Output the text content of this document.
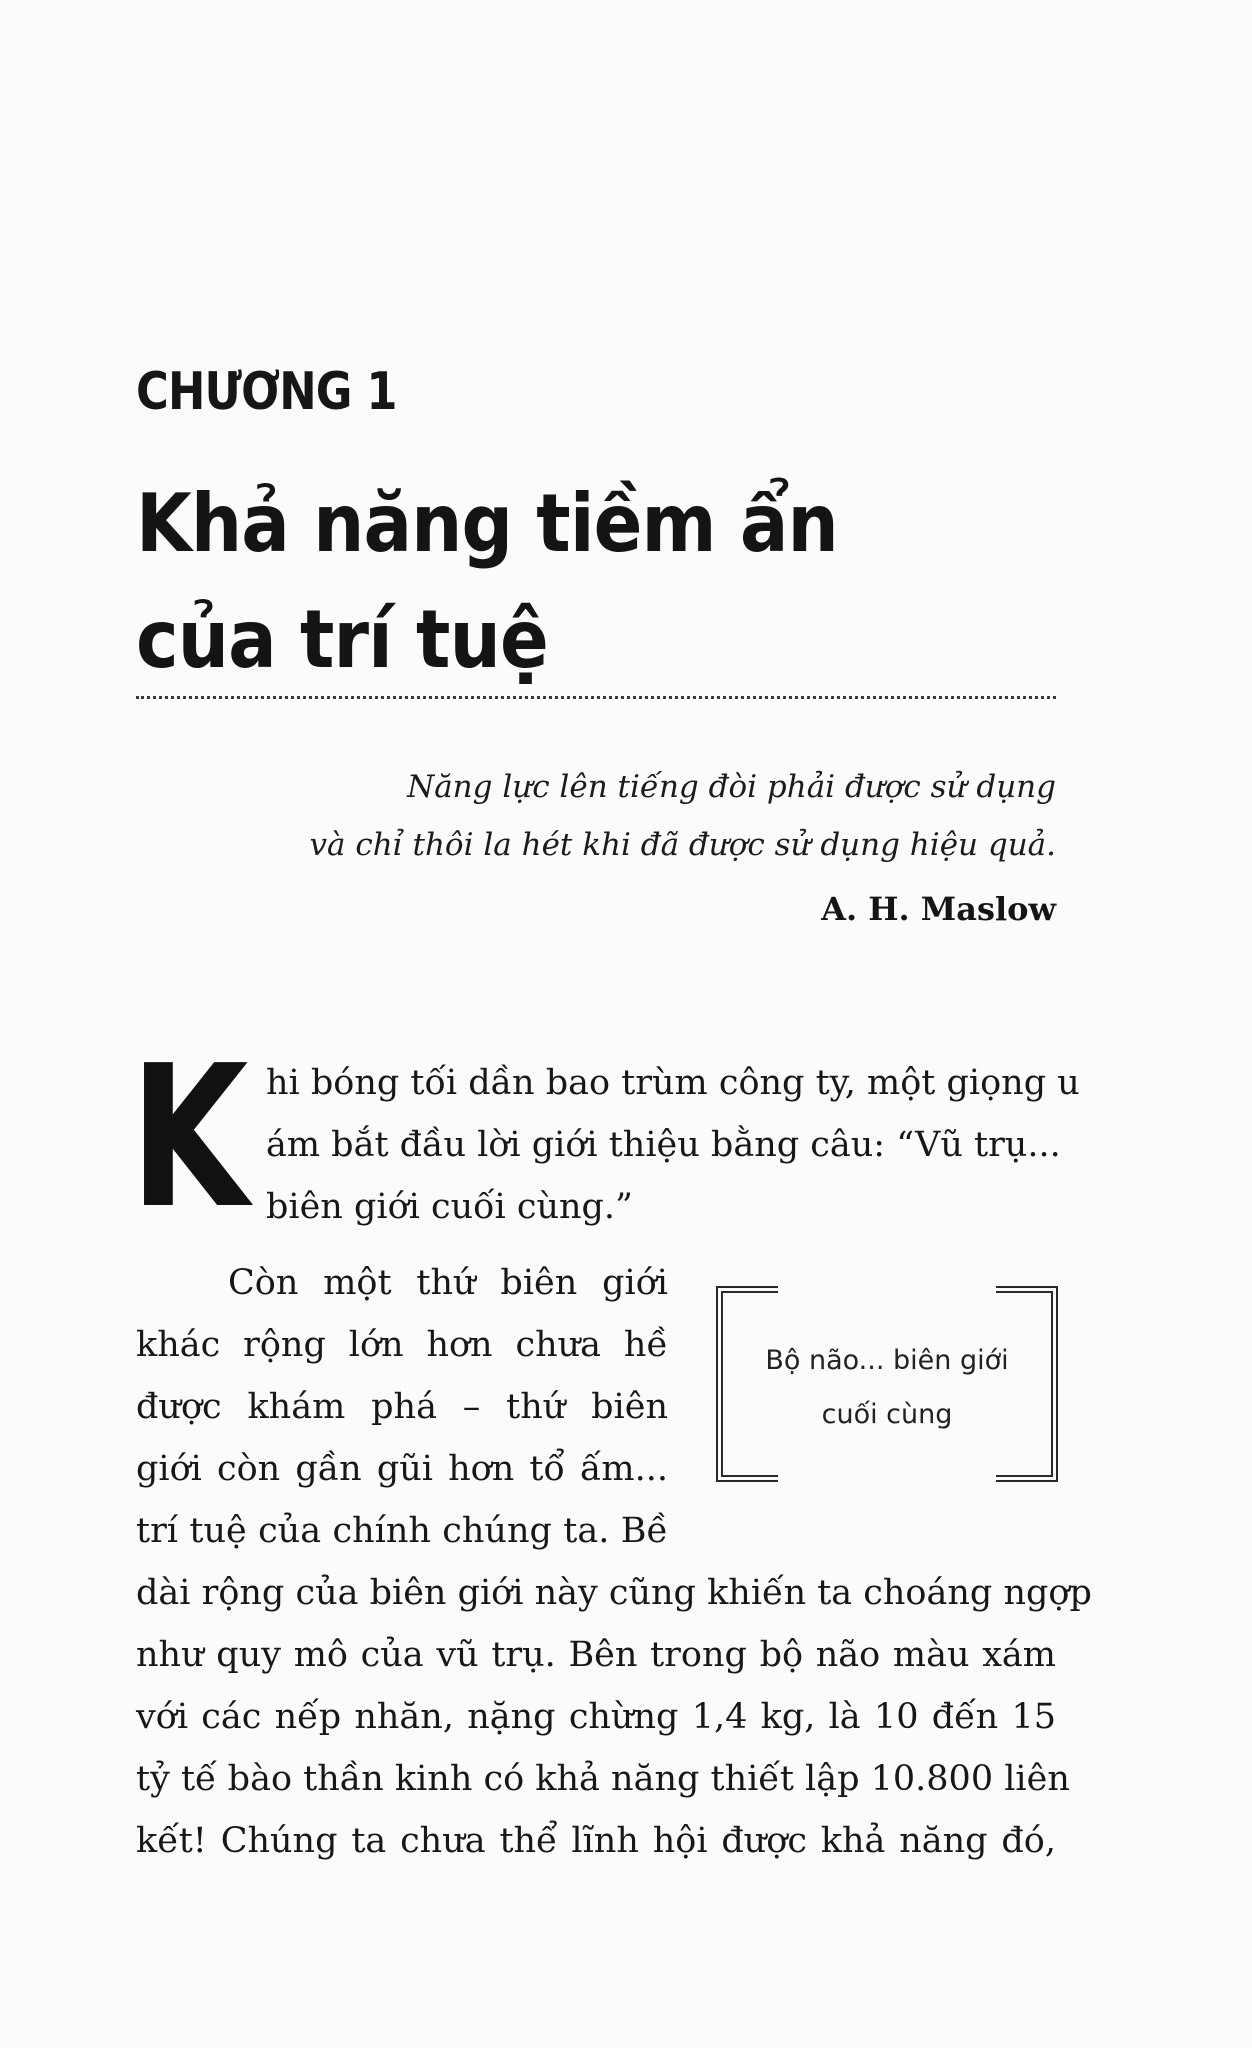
CHƯƠNG 1
Khả năng tiềm ẩn
của trí tuệ
Năng lực lên tiếng đòi phải được sử dụng
và chỉ thôi la hét khi đã được sử dụng hiệu quả.
A. H. Maslow
K hi bóng tối dần bao trùm công ty, một giọng u
ám bắt đầu lời giới thiệu bằng câu: “Vũ trụ...
biên giới cuối cùng.”
Còn một thứ biên giới
khác rộng lớn hơn chưa hề
được khám phá – thứ biên
giới còn gần gũi hơn tổ ấm...
trí tuệ của chính chúng ta. Bề
dài rộng của biên giới này cũng khiến ta choáng ngợp
như quy mô của vũ trụ. Bên trong bộ não màu xám
với các nếp nhăn, nặng chừng 1,4 kg, là 10 đến 15
tỷ tế bào thần kinh có khả năng thiết lập 10.800 liên
kết! Chúng ta chưa thể lĩnh hội được khả năng đó,
Bộ não... biên giới
cuối cùng
